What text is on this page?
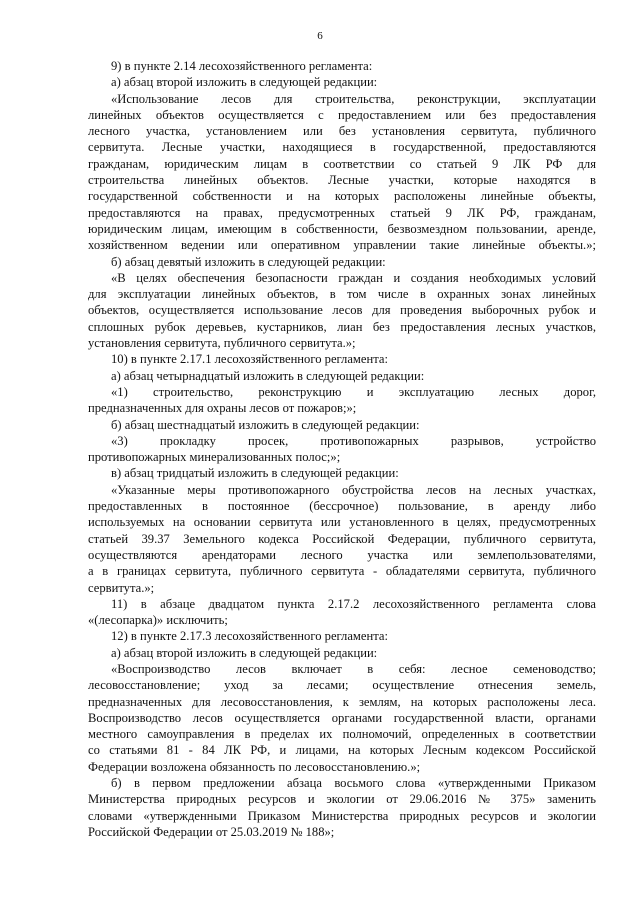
6

9) в пункте 2.14 лесохозяйственного регламента:

а) абзац второй изложить в следующей редакции:

«Использование лесов для строительства, реконструкции, эксплуатации

линейных объектов осуществляется с предоставлением или без предоставления

лесного участка, установлением или без установления сервитута, публичного

сервитута. Лесные участки, находящиеся в государственной, предоставляются

гражданам, юридическим лицам в соответствии со статьей 9 ЛК РФ для

строительства линейных объектов. Лесные участки, которые находятся в

государственной собственности и на которых расположены линейные объекты,

предоставляются на правах, предусмотренных статьей 9 ЛК РФ, гражданам,

юридическим лицам, имеющим в собственности, безвозмездном пользовании, аренде,

хозяйственном ведении или оперативном управлении такие линейные объекты.»;

б) абзац девятый изложить в следующей редакции:

«В целях обеспечения безопасности граждан и создания необходимых условий

для эксплуатации линейных объектов, в том числе в охранных зонах линейных

объектов, осуществляется использование лесов для проведения выборочных рубок и

сплошных рубок деревьев, кустарников, лиан без предоставления лесных участков,

установления сервитута, публичного сервитута.»;

10) в пункте 2.17.1 лесохозяйственного регламента:

а) абзац четырнадцатый изложить в следующей редакции:

«1) строительство, реконструкцию и эксплуатацию лесных дорог,

предназначенных для охраны лесов от пожаров;»;

б) абзац шестнадцатый изложить в следующей редакции:

«3) прокладку просек, противопожарных разрывов, устройство

противопожарных минерализованных полос;»;

в) абзац тридцатый изложить в следующей редакции:

«Указанные меры противопожарного обустройства лесов на лесных участках,

предоставленных в постоянное (бессрочное) пользование, в аренду либо

используемых на основании сервитута или установленного в целях, предусмотренных

статьей 39.37 Земельного кодекса Российской Федерации, публичного сервитута,

осуществляются арендаторами лесного участка или землепользователями,

а в границах сервитута, публичного сервитута - обладателями сервитута, публичного

сервитута.»;

11) в абзаце двадцатом пункта 2.17.2 лесохозяйственного регламента слова

«(лесопарка)» исключить;

12) в пункте 2.17.3 лесохозяйственного регламента:

а) абзац второй изложить в следующей редакции:

«Воспроизводство лесов включает в себя: лесное семеноводство;

лесовосстановление; уход за лесами; осуществление отнесения земель,

предназначенных для лесовосстановления, к землям, на которых расположены леса.

Воспроизводство лесов осуществляется органами государственной власти, органами

местного самоуправления в пределах их полномочий, определенных в соответствии

со статьями 81 - 84 ЛК РФ, и лицами, на которых Лесным кодексом Российской

Федерации возложена обязанность по лесовосстановлению.»;

б) в первом предложении абзаца восьмого слова «утвержденными Приказом

Министерства природных ресурсов и экологии от 29.06.2016 № 375» заменить

словами «утвержденными Приказом Министерства природных ресурсов и экологии

Российской Федерации от 25.03.2019 № 188»;
